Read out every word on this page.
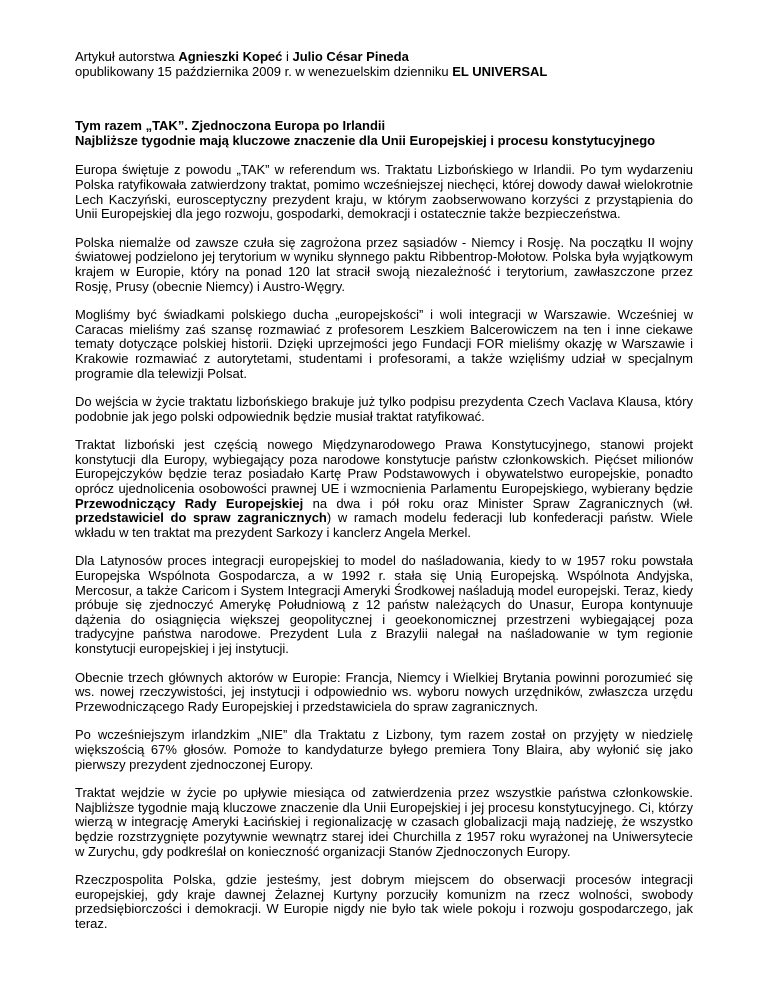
Artykuł autorstwa Agnieszki Kopeć i Julio César Pineda
opublikowany 15 października 2009 r. w wenezuelskim dzienniku EL UNIVERSAL
Tym razem „TAK”. Zjednoczona Europa po Irlandii
Najbliższe tygodnie mają kluczowe znaczenie dla Unii Europejskiej i procesu konstytucyjnego

Europa świętuje z powodu „TAK” w referendum ws. Traktatu Lizbońskiego w Irlandii. Po tym wydarzeniu Polska ratyfikowała zatwierdzony traktat, pomimo wcześniejszej niechęci, której dowody dawał wielokrotnie Lech Kaczyński, eurosceptyczny prezydent kraju, w którym zaobserwowano korzyści z przystąpienia do Unii Europejskiej dla jego rozwoju, gospodarki, demokracji i ostatecznie także bezpieczeństwa.

Polska niemalże od zawsze czuła się zagrożona przez sąsiadów - Niemcy i Rosję. Na początku II wojny światowej podzielono jej terytorium w wyniku słynnego paktu Ribbentrop-Mołotow. Polska była wyjątkowym krajem w Europie, który na ponad 120 lat stracił swoją niezależność i terytorium, zawłaszczone przez Rosję, Prusy (obecnie Niemcy) i Austro-Węgry.

Mogliśmy być świadkami polskiego ducha „europejskości” i woli integracji w Warszawie. Wcześniej w Caracas mieliśmy zaś szansę rozmawiać z profesorem Leszkiem Balcerowiczem na ten i inne ciekawe tematy dotyczące polskiej historii. Dzięki uprzejmości jego Fundacji FOR mieliśmy okazję w Warszawie i Krakowie rozmawiać z autorytetami, studentami i profesorami, a także wzięliśmy udział w specjalnym programie dla telewizji Polsat.

Do wejścia w życie traktatu lizbońskiego brakuje już tylko podpisu prezydenta Czech Vaclava Klausa, który podobnie jak jego polski odpowiednik będzie musiał traktat ratyfikować.

Traktat lizboński jest częścią nowego Międzynarodowego Prawa Konstytucyjnego, stanowi projekt konstytucji dla Europy, wybiegający poza narodowe konstytucje państw członkowskich. Pięćset milionów Europejczyków będzie teraz posiadało Kartę Praw Podstawowych i obywatelstwo europejskie, ponadto oprócz ujednolicenia osobowości prawnej UE i wzmocnienia Parlamentu Europejskiego, wybierany będzie Przewodniczący Rady Europejskiej na dwa i pół roku oraz Minister Spraw Zagranicznych (wł. przedstawiciel do spraw zagranicznych) w ramach modelu federacji lub konfederacji państw. Wiele wkładu w ten traktat ma prezydent Sarkozy i kanclerz Angela Merkel.

Dla Latynosów proces integracji europejskiej to model do naśladowania, kiedy to w 1957 roku powstała Europejska Wspólnota Gospodarcza, a w 1992 r. stała się Unią Europejską. Wspólnota Andyjska, Mercosur, a także Caricom i System Integracji Ameryki Środkowej naśladują model europejski. Teraz, kiedy próbuje się zjednoczyć Amerykę Południową z 12 państw należących do Unasur, Europa kontynuuje dążenia do osiągnięcia większej geopolitycznej i geoekonomicznej przestrzeni wybiegającej poza tradycyjne państwa narodowe. Prezydent Lula z Brazylii nalegał na naśladowanie w tym regionie konstytucji europejskiej i jej instytucji.

Obecnie trzech głównych aktorów w Europie: Francja, Niemcy i Wielkiej Brytania powinni porozumieć się ws. nowej rzeczywistości, jej instytucji i odpowiednio ws. wyboru nowych urzędników, zwłaszcza urzędu Przewodniczącego Rady Europejskiej i przedstawiciela do spraw zagranicznych.

Po wcześniejszym irlandzkim „NIE” dla Traktatu z Lizbony, tym razem został on przyjęty w niedzielę większością 67% głosów. Pomoże to kandydaturze byłego premiera Tony Blaira, aby wyłonić się jako pierwszy prezydent zjednoczonej Europy.

Traktat wejdzie w życie po upływie miesiąca od zatwierdzenia przez wszystkie państwa członkowskie. Najbliższe tygodnie mają kluczowe znaczenie dla Unii Europejskiej i jej procesu konstytucyjnego. Ci, którzy wierzą w integrację Ameryki Łacińskiej i regionalizację w czasach globalizacji mają nadzieję, że wszystko będzie rozstrzygnięte pozytywnie wewnątrz starej idei Churchilla z 1957 roku wyrażonej na Uniwersytecie w Zurychu, gdy podkreślał on konieczność organizacji Stanów Zjednoczonych Europy.

Rzeczpospolita Polska, gdzie jesteśmy, jest dobrym miejscem do obserwacji procesów integracji europejskiej, gdy kraje dawnej Żelaznej Kurtyny porzuciły komunizm na rzecz wolności, swobody przedsiębiorczości i demokracji. W Europie nigdy nie było tak wiele pokoju i rozwoju gospodarczego, jak teraz.
